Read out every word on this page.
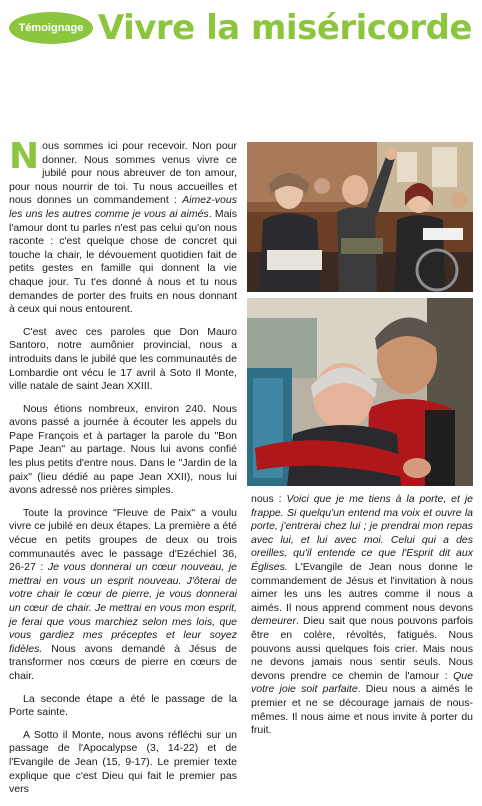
Témoignage Vivre la miséricorde

Nous sommes ici pour recevoir. Non pour donner. Nous sommes venus vivre ce jubilé pour nous abreuver de ton amour, pour nous nourrir de toi. Tu nous accueilles et nous donnes un commandement : Aimez-vous les uns les autres comme je vous ai aimés. Mais l'amour dont tu parles n'est pas celui qu'on nous raconte : c'est quelque chose de concret qui touche la chair, le dévouement quotidien fait de petits gestes en famille qui donnent la vie chaque jour. Tu t'es donné à nous et tu nous demandes de porter des fruits en nous donnant à ceux qui nous entourent.

C'est avec ces paroles que Don Mauro Santoro, notre aumônier provincial, nous a introduits dans le jubilé que les communautés de Lombardie ont vécu le 17 avril à Soto Il Monte, ville natale de saint Jean XXIII.

Nous étions nombreux, environ 240. Nous avons passé a journée à écouter les appels du Pape François et à partager la parole du "Bon Pape Jean" au partage. Nous lui avons confié les plus petits d'entre nous. Dans le "Jardin de la paix" (lieu dédié au pape Jean XXII), nous lui avons adressé nos prières simples.

Toute la province "Fleuve de Paix" a voulu vivre ce jubilé en deux étapes. La première a été vécue en petits groupes de deux ou trois communautés avec le passage d'Ezéchiel 36, 26-27 : Je vous donnerai un cœur nouveau, je mettrai en vous un esprit nouveau. J'ôterai de votre chair le cœur de pierre, je vous donnerai un cœur de chair. Je mettrai en vous mon esprit, je ferai que vous marchiez selon mes lois, que vous gardiez mes préceptes et leur soyez fidèles. Nous avons demandé à Jésus de transformer nos cœurs de pierre en cœurs de chair.

La seconde étape a été le passage de la Porte sainte.

A Sotto il Monte, nous avons réfléchi sur un passage de l'Apocalypse (3, 14-22) et de l'Evangile de Jean (15, 9-17). Le premier texte explique que c'est Dieu qui fait le premier pas vers

nous : Voici que je me tiens à la porte, et je frappe. Si quelqu'un entend ma voix et ouvre la porte, j'entrerai chez lui ; je prendrai mon repas avec lui, et lui avec moi. Celui qui a des oreilles, qu'il entende ce que l'Esprit dit aux Églises. L'Evangile de Jean nous donne le commandement de Jésus et l'invitation à nous aimer les uns les autres comme il nous a aimés. Il nous apprend comment nous devons demeurer. Dieu sait que nous pouvons parfois être en colère, révoltés, fatigués. Nous pouvons aussi quelques fois crier. Mais nous ne devons jamais nous sentir seuls. Nous devons prendre ce chemin de l'amour : Que votre joie soit parfaite. Dieu nous a aimés le premier et ne se décourage jamais de nous-mêmes. Il nous aime et nous invite à porter du fruit.
